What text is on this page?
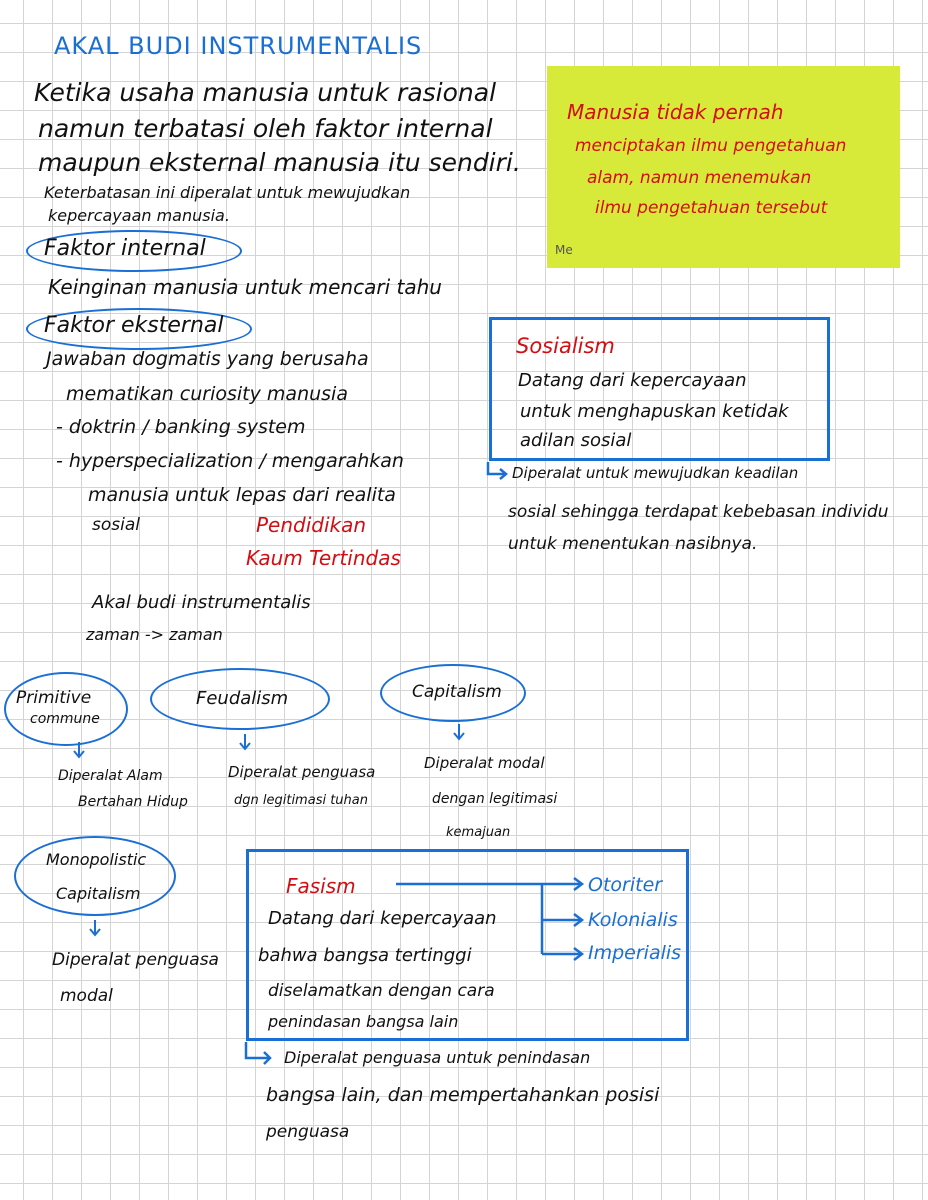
AKAL BUDI INSTRUMENTALIS
Ketika usaha manusia untuk rasional
namun terbatasi oleh faktor internal
maupun eksternal manusia itu sendiri.
Keterbatasan ini diperalat untuk mewujudkan
kepercayaan manusia.
Faktor internal
Keinginan manusia untuk mencari tahu
Faktor eksternal
Jawaban dogmatis yang berusaha
mematikan curiosity manusia
- doktrin / banking system
- hyperspecialization / mengarahkan
manusia untuk lepas dari realita
sosial	Pendidikan
Kaum Tertindas
Manusia tidak pernah
menciptakan ilmu pengetahuan
alam, namun menemukan
ilmu pengetahuan tersebut
Me
Sosialism
Datang dari kepercayaan
untuk menghapuskan ketidak
adilan sosial
Diperalat untuk mewujudkan keadilan
sosial sehingga terdapat kebebasan individu
untuk menentukan nasibnya.
Akal budi instrumentalis
zaman -> zaman
Primitive
commune
Diperalat Alam
Bertahan Hidup
Feudalism
Diperalat penguasa
dgn legitimasi tuhan
Capitalism
Diperalat modal
dengan legitimasi
kemajuan
Monopolistic
Capitalism
Diperalat penguasa
modal
Fasism
Datang dari kepercayaan
bahwa bangsa tertinggi
diselamatkan dengan cara
penindasan bangsa lain
Otoriter
Kolonialis
Imperialis
Diperalat penguasa untuk penindasan
bangsa lain, dan mempertahankan posisi
penguasa
